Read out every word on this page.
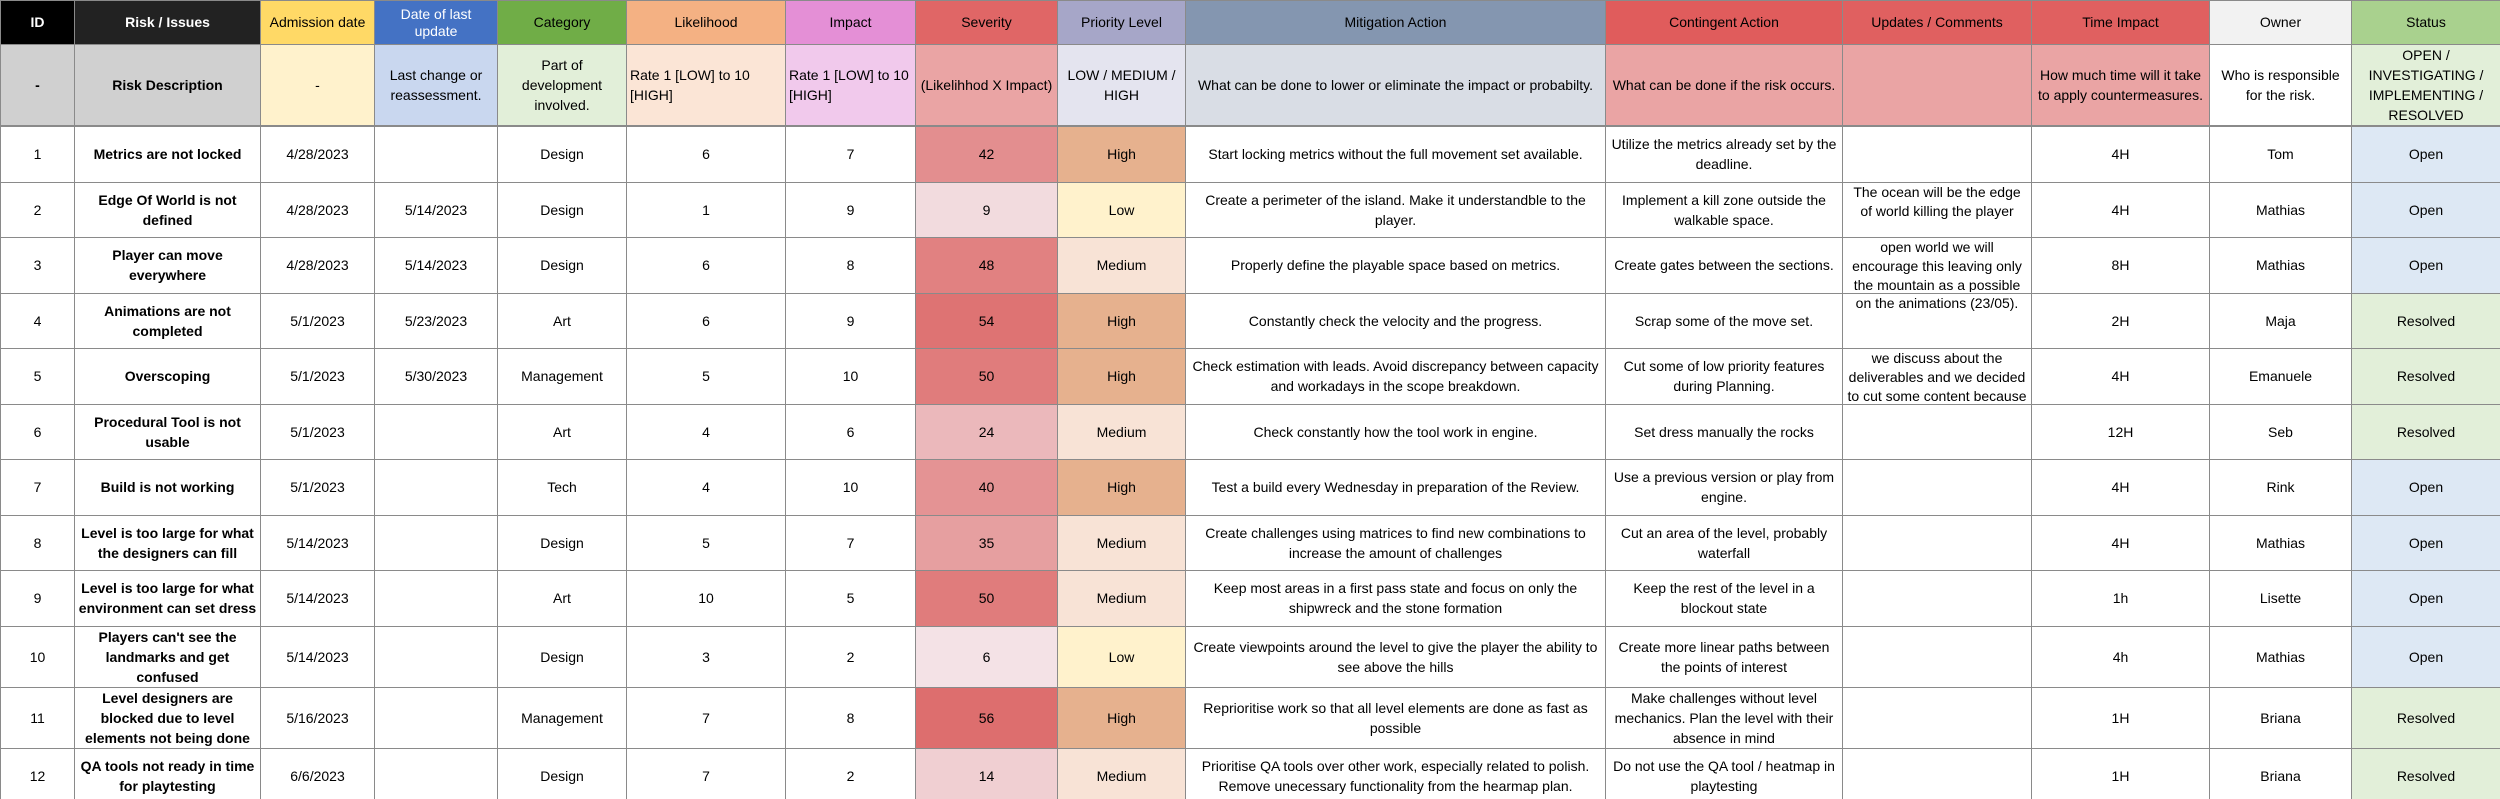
ID	Risk / Issues	Admission date	Date of last update	Category	Likelihood	Impact	Severity	Priority Level	Mitigation Action	Contingent Action	Updates / Comments	Time Impact	Owner	Status
-	Risk Description	-	Last change or reassessment.	Part of development involved.	Rate 1 [LOW] to 10 [HIGH]	Rate 1 [LOW] to 10 [HIGH]	(Likelihhod X Impact)	LOW / MEDIUM / HIGH	What can be done to lower or eliminate the impact or probabilty.	What can be done if the risk occurs.		How much time will it take to apply countermeasures.	Who is responsible for the risk.	OPEN / INVESTIGATING / IMPLEMENTING / RESOLVED

1	Metrics are not locked	4/28/2023		Design	6	7	42	High	Start locking metrics without the full movement set available.	Utilize the metrics already set by the deadline.		4H	Tom	Open
2	Edge Of World is not defined	4/28/2023	5/14/2023	Design	1	9	9	Low	Create a perimeter of the island. Make it understandble to the player.	Implement a kill zone outside the walkable space.	The ocean will be the edge of world killing the player	4H	Mathias	Open
3	Player can move everywhere	4/28/2023	5/14/2023	Design	6	8	48	Medium	Properly define the playable space based on metrics.	Create gates between the sections.	open world we will encourage this leaving only the mountain as a possible	8H	Mathias	Open
4	Animations are not completed	5/1/2023	5/23/2023	Art	6	9	54	High	Constantly check the velocity and the progress.	Scrap some of the move set.	on the animations (23/05).	2H	Maja	Resolved
5	Overscoping	5/1/2023	5/30/2023	Management	5	10	50	High	Check estimation with leads. Avoid discrepancy between capacity and workadays in the scope breakdown.	Cut some of low priority features during Planning.	we discuss about the deliverables and we decided to cut some content because	4H	Emanuele	Resolved
6	Procedural Tool is not usable	5/1/2023		Art	4	6	24	Medium	Check constantly how the tool work in engine.	Set dress manually the rocks		12H	Seb	Resolved
7	Build is not working	5/1/2023		Tech	4	10	40	High	Test a build every Wednesday in preparation of the Review.	Use a previous version or play from engine.		4H	Rink	Open
8	Level is too large for what the designers can fill	5/14/2023		Design	5	7	35	Medium	Create challenges using matrices to find new combinations to increase the amount of challenges	Cut an area of the level, probably waterfall		4H	Mathias	Open
9	Level is too large for what environment can set dress	5/14/2023		Art	10	5	50	Medium	Keep most areas in a first pass state and focus on only the shipwreck and the stone formation	Keep the rest of the level in a blockout state		1h	Lisette	Open
10	Players can't see the landmarks and get confused	5/14/2023		Design	3	2	6	Low	Create viewpoints around the level to give the player the ability to see above the hills	Create more linear paths between the points of interest		4h	Mathias	Open
11	Level designers are blocked due to level elements not being done	5/16/2023		Management	7	8	56	High	Reprioritise work so that all level elements are done as fast as possible	Make challenges without level mechanics. Plan the level with their absence in mind		1H	Briana	Resolved
12	QA tools not ready in time for playtesting	6/6/2023		Design	7	2	14	Medium	Prioritise QA tools over other work, especially related to polish. Remove unecessary functionality from the hearmap plan.	Do not use the QA tool / heatmap in playtesting		1H	Briana	Resolved
